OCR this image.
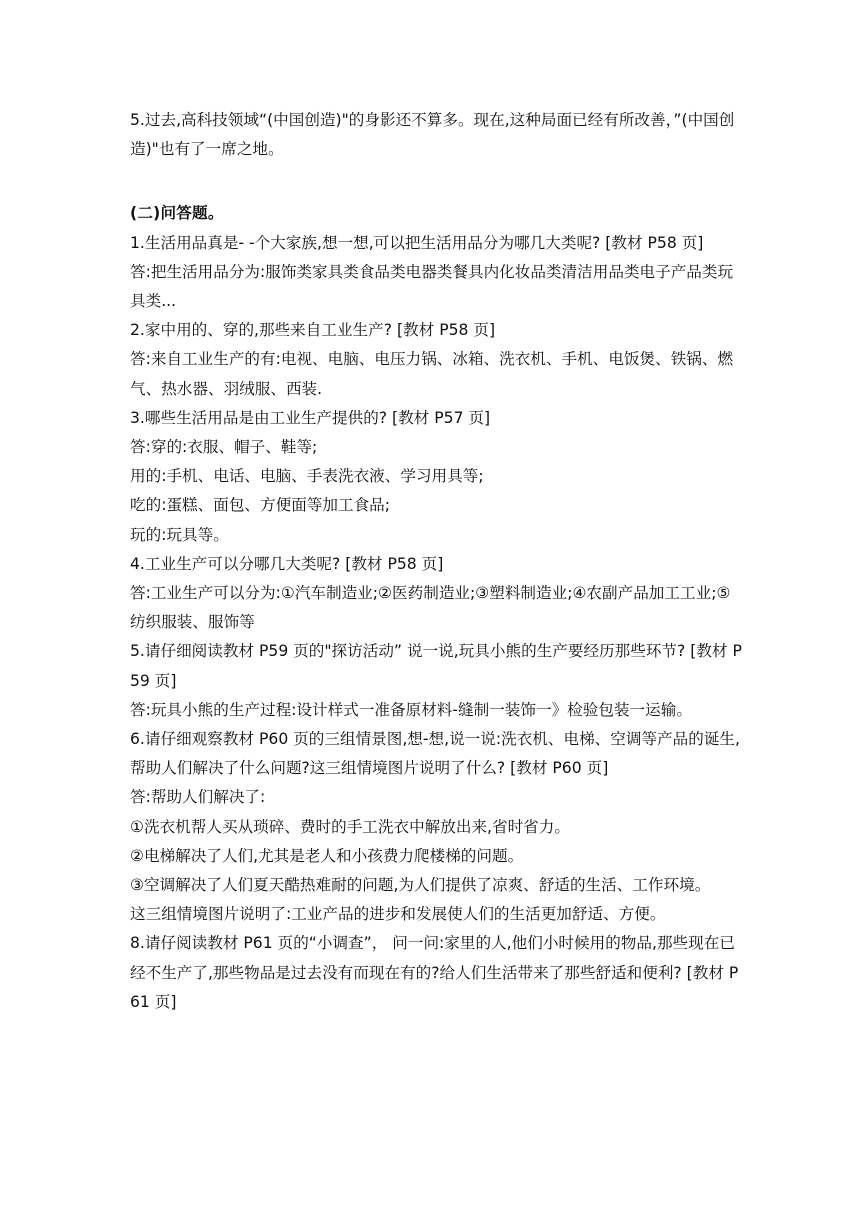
5.过去,高科技领域“(中国创造)"的身影还不算多。现在,这种局面已经有所改善，”(中国创造)"也有了一席之地。

(二)问答题。

1.生活用品真是- -个大家族,想一想,可以把生活用品分为哪几大类呢? [教材 P58 页]

答:把生活用品分为:服饰类家具类食品类电器类餐具内化妆品类清洁用品类电子产品类玩具类...

2.家中用的、穿的,那些来自工业生产? [教材 P58 页]

答:来自工业生产的有:电视、电脑、电压力锅、冰箱、洗衣机、手机、电饭煲、铁锅、燃气、热水器、羽绒服、西装.

3.哪些生活用品是由工业生产提供的? [教材 P57 页]

答:穿的:衣服、帽子、鞋等;

用的:手机、电话、电脑、手表洗衣液、学习用具等;

吃的:蛋糕、面包、方便面等加工食品;

玩的:玩具等。

4.工业生产可以分哪几大类呢? [教材 P58 页]

答:工业生产可以分为:①汽车制造业;②医药制造业;③塑料制造业;④农副产品加工工业;⑤纺织服装、服饰等

5.请仔细阅读教材 P59 页的"探访活动” 说一说,玩具小熊的生产要经历那些环节? [教材 P59 页]

答:玩具小熊的生产过程:设计样式一准备原材料-缝制一装饰一》检验包装一运输。

6.请仔细观察教材 P60 页的三组情景图,想-想,说一说:洗衣机、电梯、空调等产品的诞生,帮助人们解决了什么问题?这三组情境图片说明了什么? [教材 P60 页]

答:帮助人们解决了:

①洗衣机帮人买从琐碎、费时的手工洗衣中解放出来,省时省力。

②电梯解决了人们,尤其是老人和小孩费力爬楼梯的问题。

③空调解决了人们夏天酷热难耐的问题,为人们提供了凉爽、舒适的生活、工作环境。

这三组情境图片说明了:工业产品的进步和发展使人们的生活更加舒适、方便。

8.请仔阅读教材 P61 页的“小调查”， 问一问:家里的人,他们小时候用的物品,那些现在已经不生产了,那些物品是过去没有而现在有的?给人们生活带来了那些舒适和便利? [教材 P61 页]
